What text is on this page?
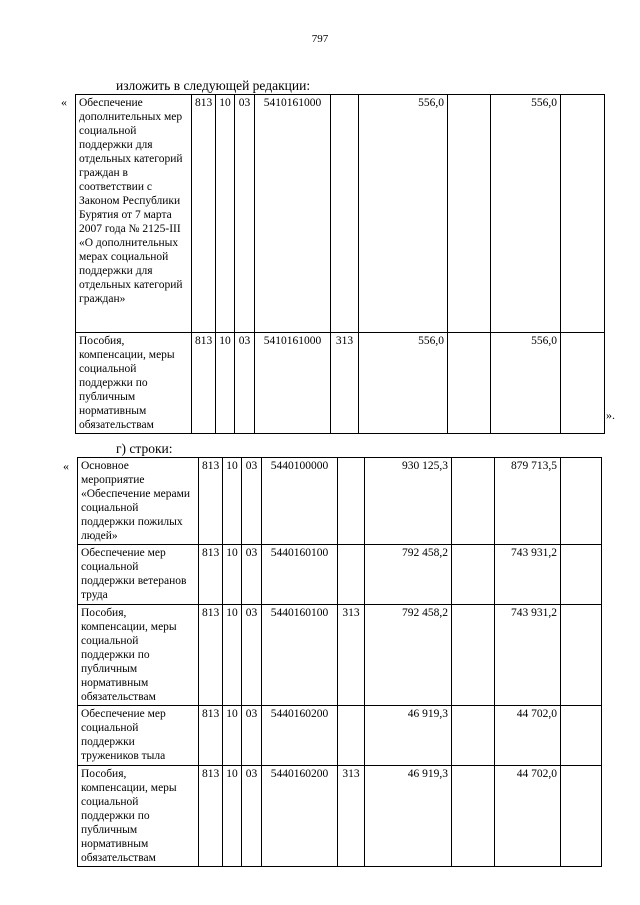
797
изложить в следующей редакции:
« Обеспечение дополнительных мер социальной поддержки для отдельных категорий граждан в соответствии с Законом Республики Бурятия от 7 марта 2007 года № 2125-III «О дополнительных мерах социальной поддержки для отдельных категорий граждан»	813	10	03	5410161000		556,0		556,0	
Пособия, компенсации, меры социальной поддержки по публичным нормативным обязательствам	813	10	03	5410161000	313	556,0		556,0	
».
г) строки:
« Основное мероприятие «Обеспечение мерами социальной поддержки пожилых людей»	813	10	03	5440100000		930 125,3		879 713,5	
Обеспечение мер социальной поддержки ветеранов труда	813	10	03	5440160100		792 458,2		743 931,2	
Пособия, компенсации, меры социальной поддержки по публичным нормативным обязательствам	813	10	03	5440160100	313	792 458,2		743 931,2	
Обеспечение мер социальной поддержки тружеников тыла	813	10	03	5440160200		46 919,3		44 702,0	
Пособия, компенсации, меры социальной поддержки по публичным нормативным обязательствам	813	10	03	5440160200	313	46 919,3		44 702,0	
